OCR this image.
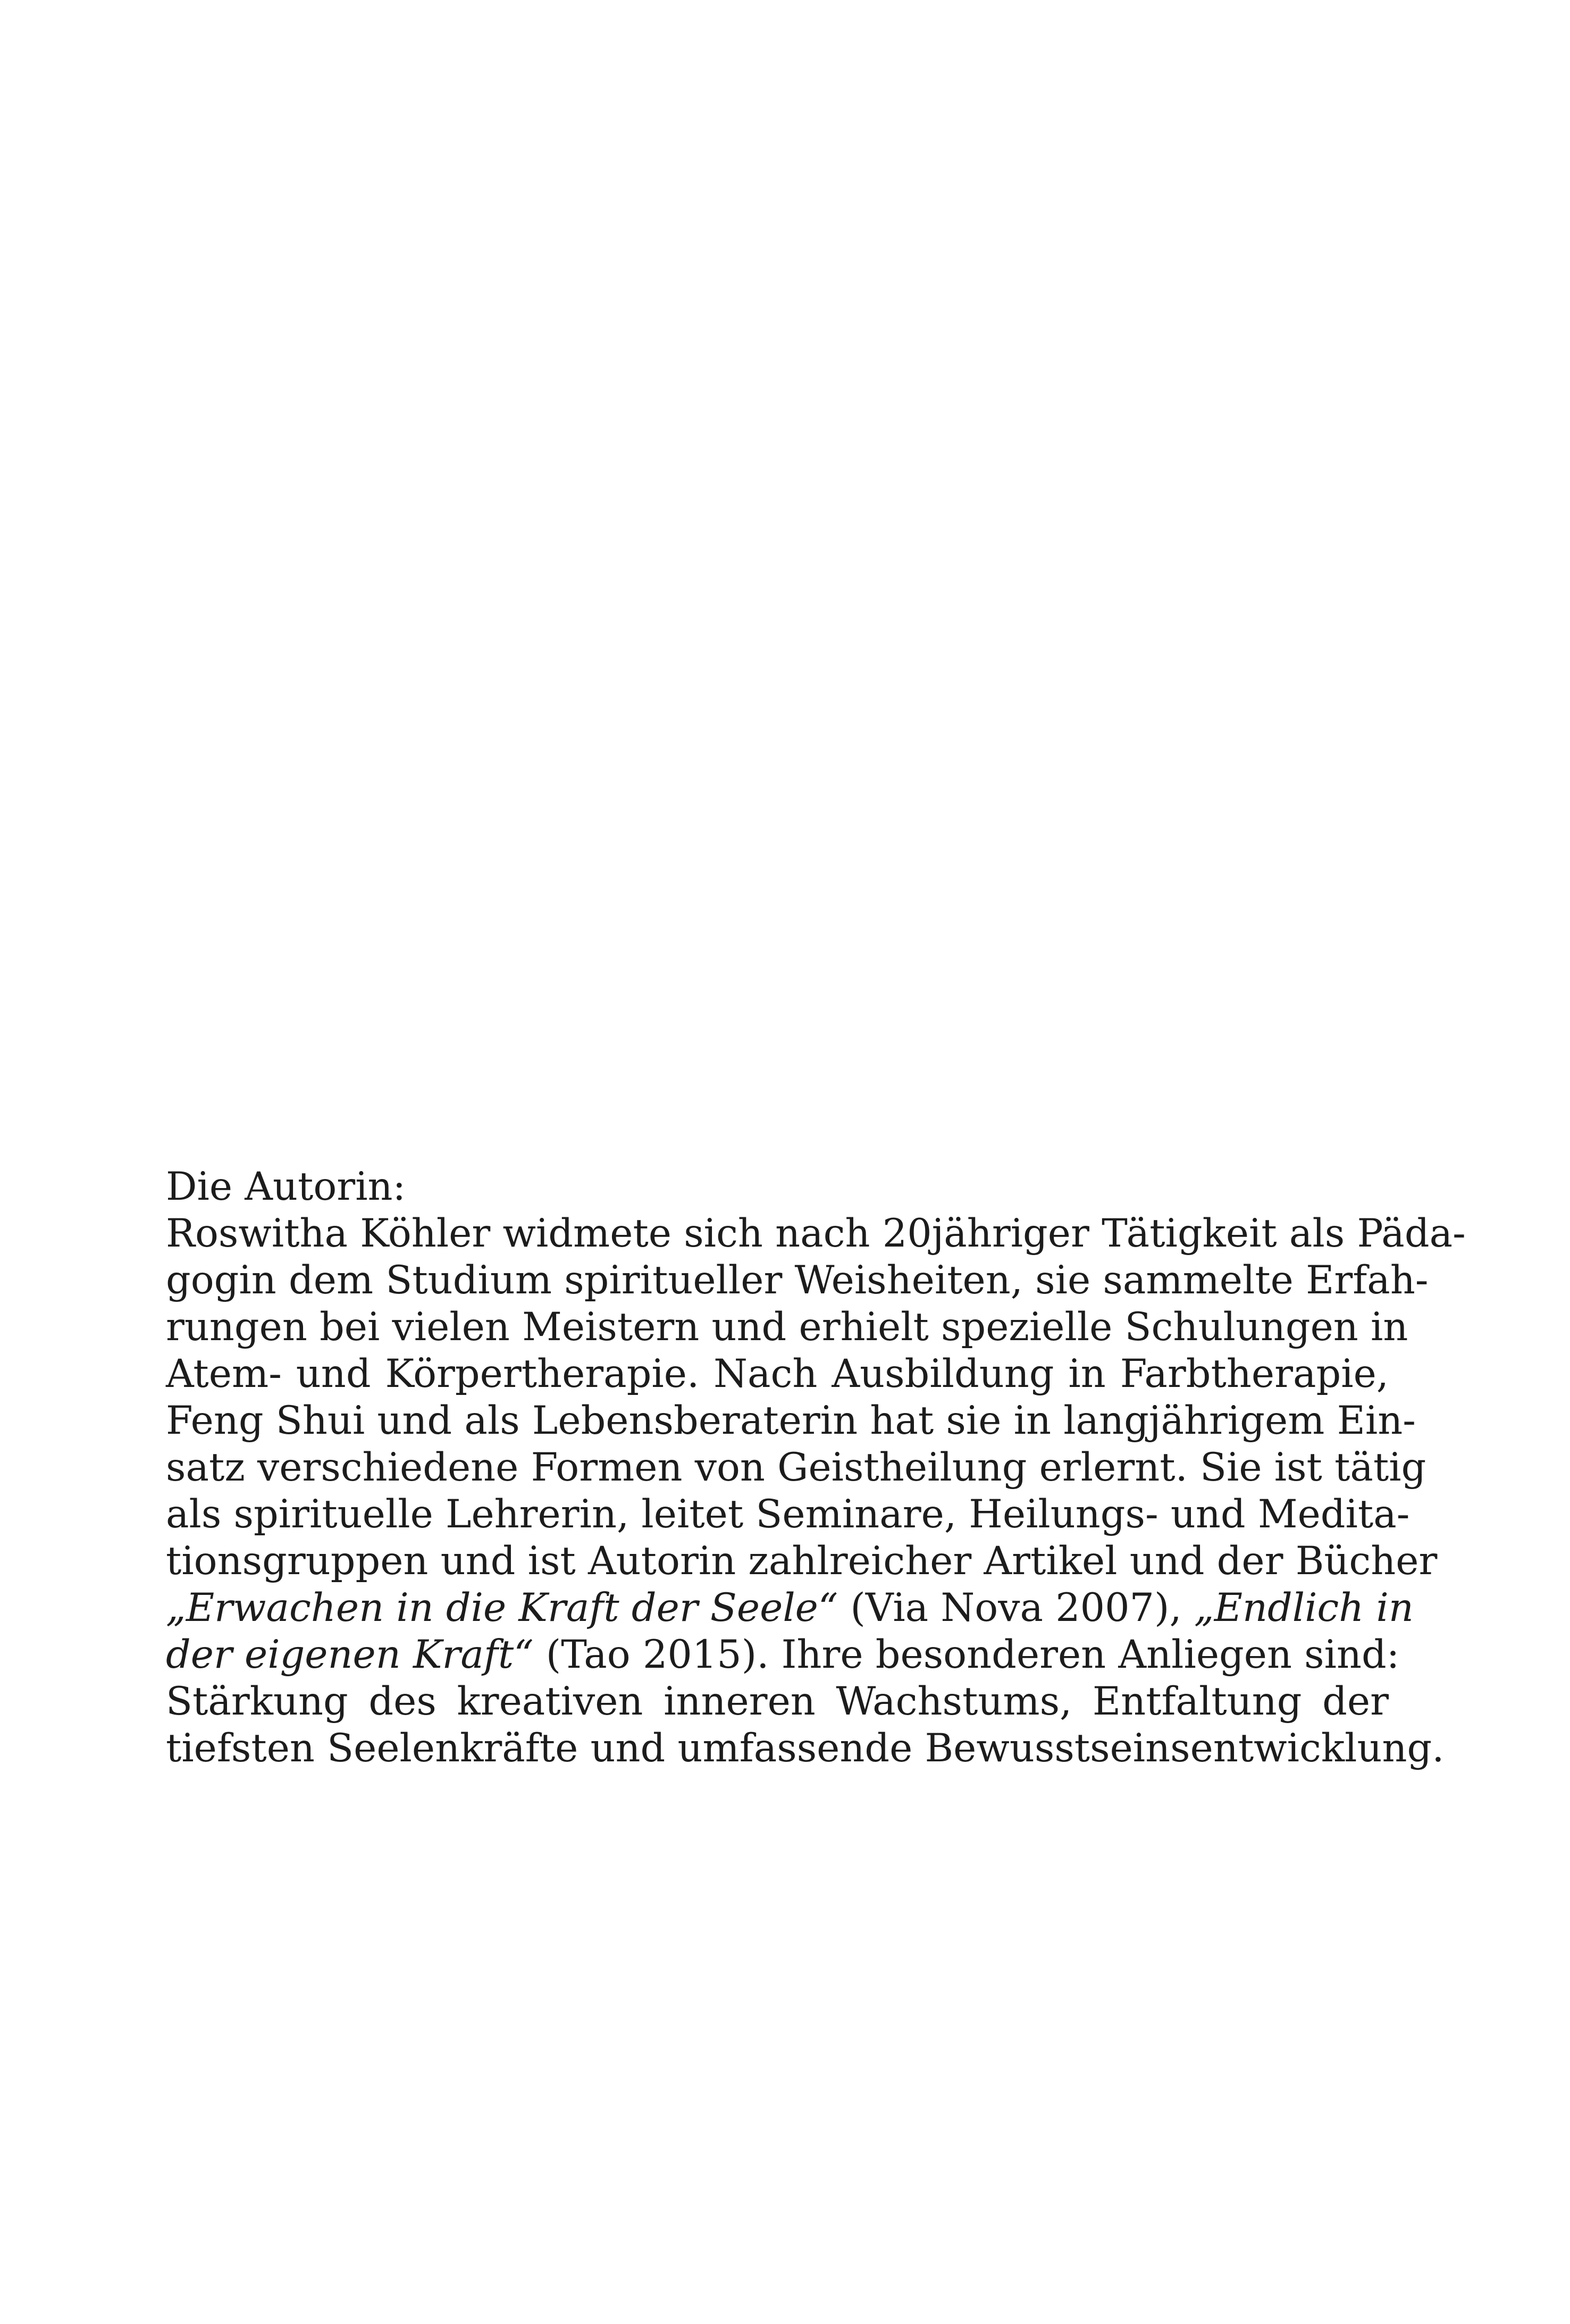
Die Autorin:
Roswitha Köhler widmete sich nach 20jähriger Tätigkeit als Päda-
gogin dem Studium spiritueller Weisheiten, sie sammelte Erfah-
rungen bei vielen Meistern und erhielt spezielle Schulungen in
Atem- und Körpertherapie. Nach Ausbildung in Farbtherapie,
Feng Shui und als Lebensberaterin hat sie in langjährigem Ein-
satz verschiedene Formen von Geistheilung erlernt. Sie ist tätig
als spirituelle Lehrerin, leitet Seminare, Heilungs- und Medita-
tionsgruppen und ist Autorin zahlreicher Artikel und der Bücher
„Erwachen in die Kraft der Seele“ (Via Nova 2007), „Endlich in
der eigenen Kraft“ (Tao 2015). Ihre besonderen Anliegen sind:
Stärkung des kreativen inneren Wachstums, Entfaltung der
tiefsten Seelenkräfte und umfassende Bewusstseinsentwicklung.
